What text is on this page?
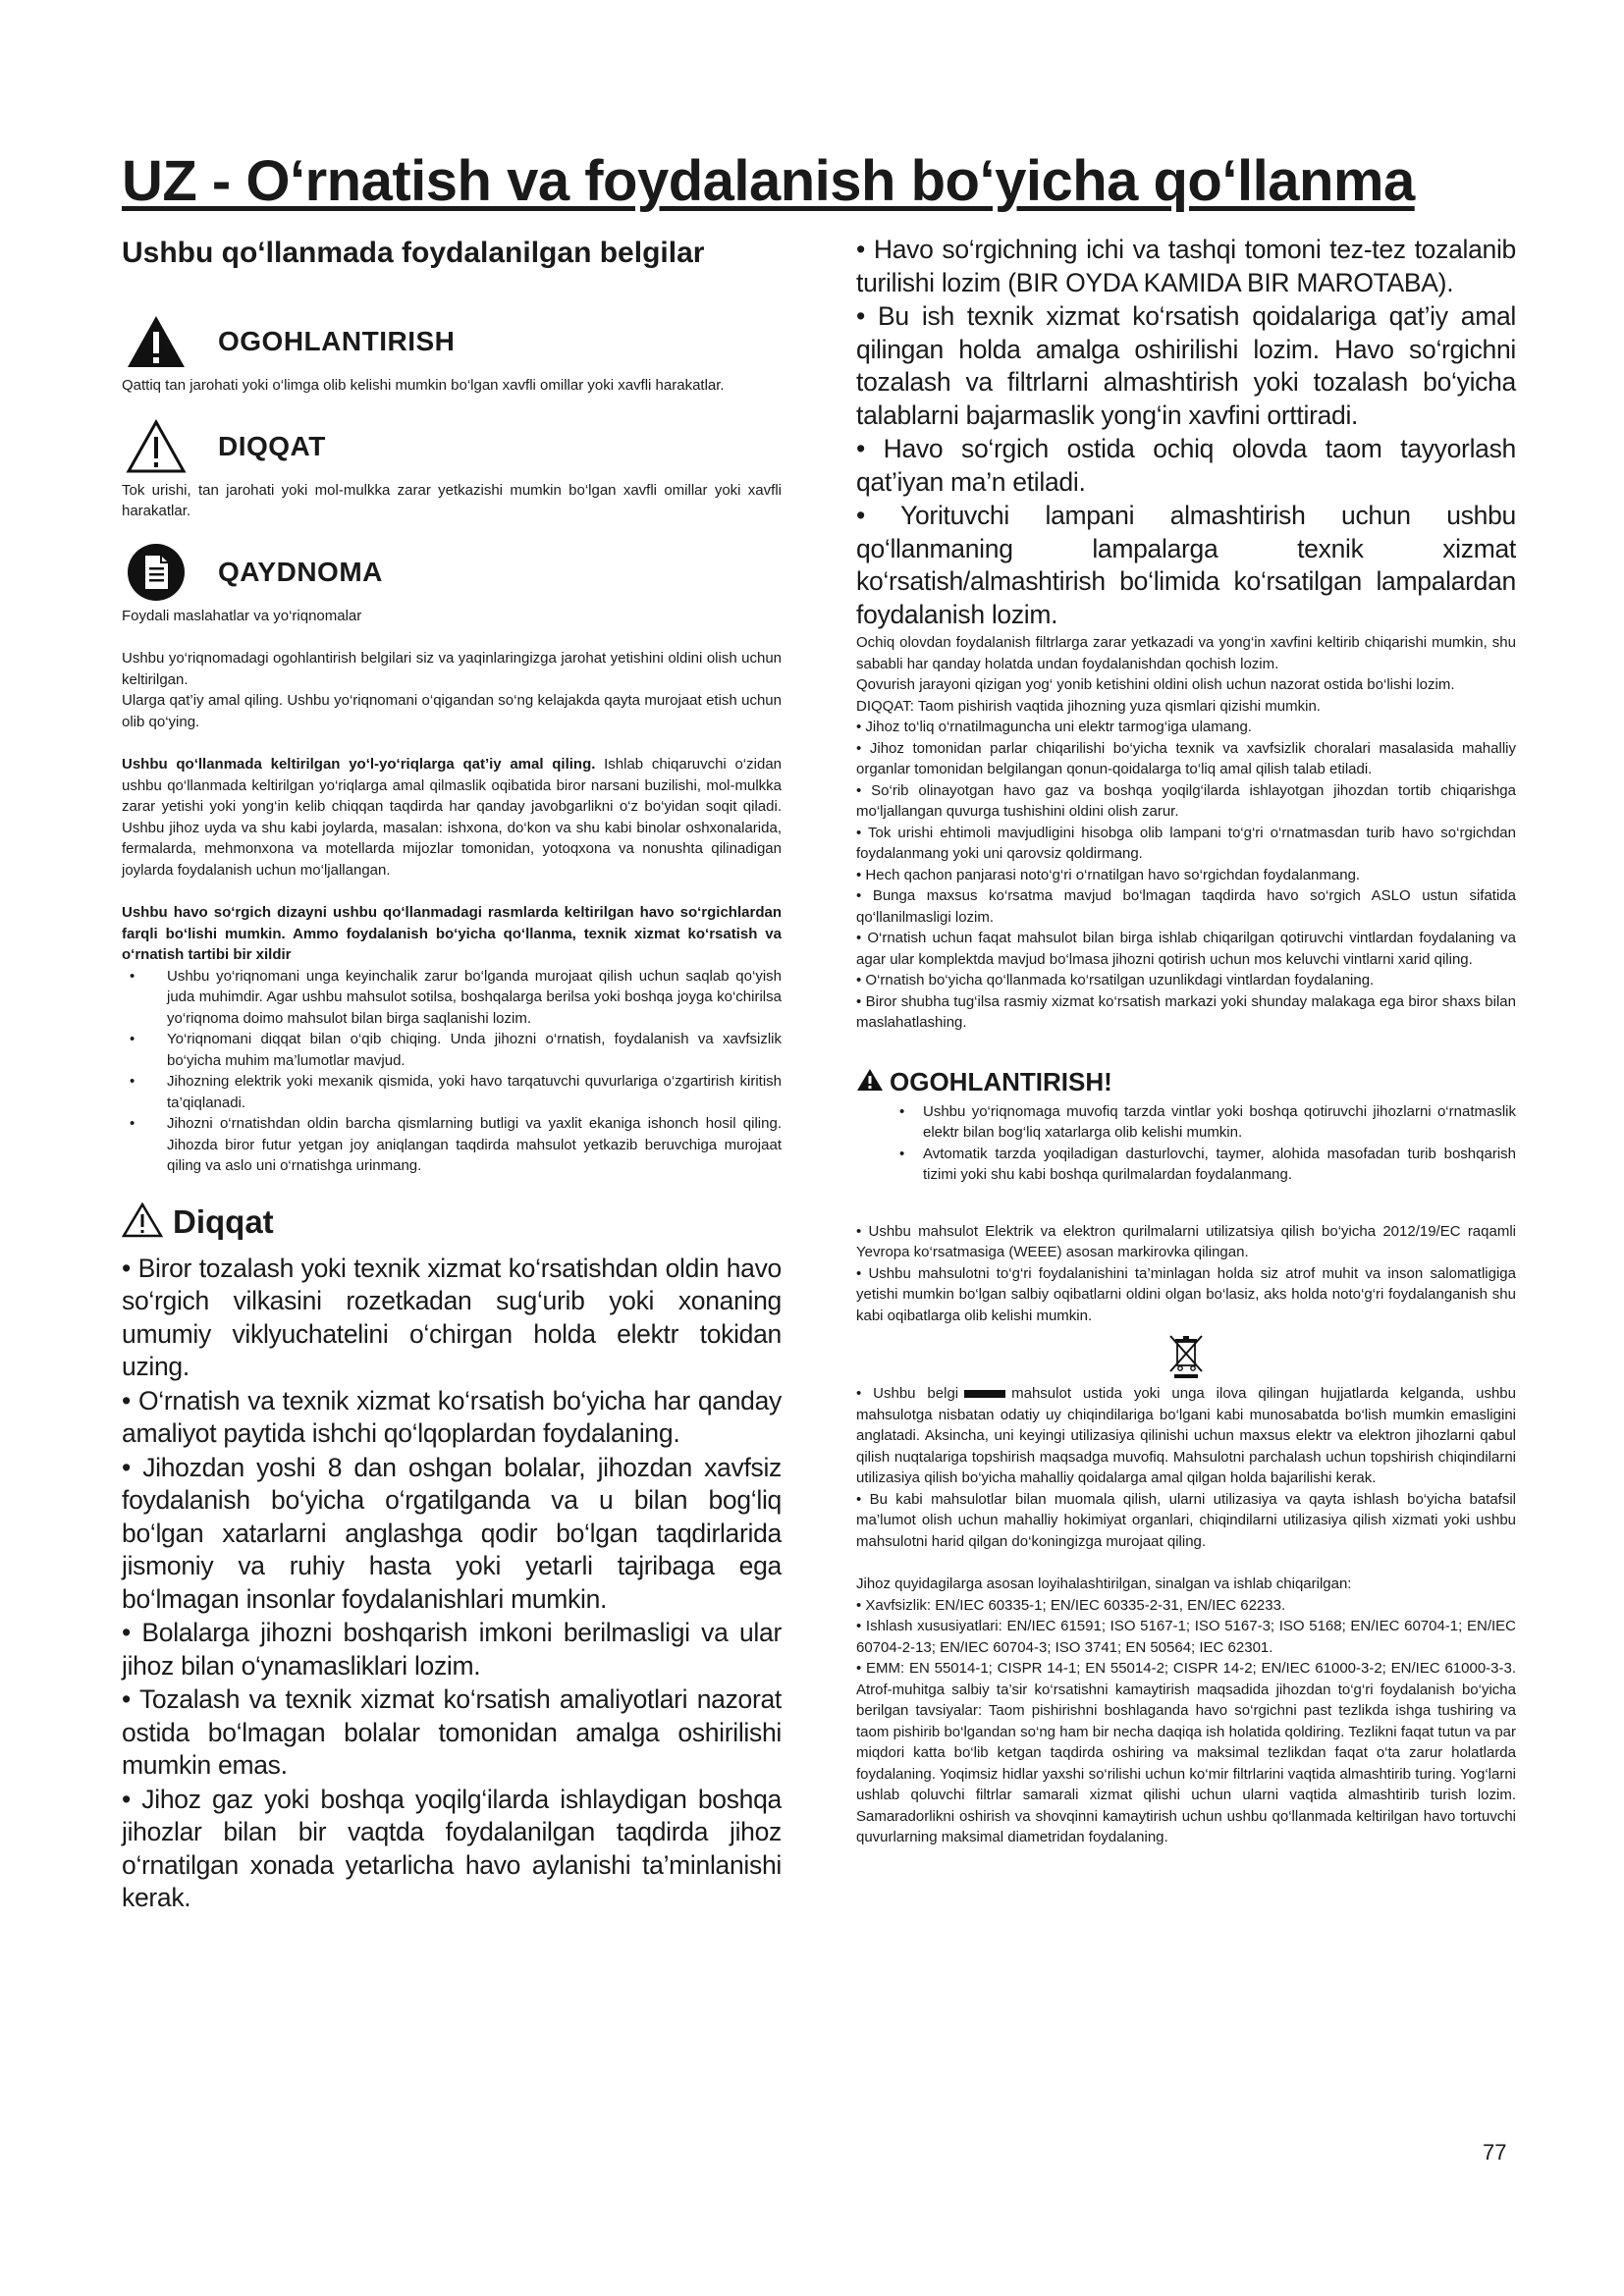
UZ - O‘rnatish va foydalanish bo‘yicha qo‘llanma
Ushbu qo‘llanmada foydalanilgan belgilar
OGOHLANTIRISH
Qattiq tan jarohati yoki o‘limga olib kelishi mumkin bo‘lgan xavfli omillar yoki xavfli harakatlar.
DIQQAT
Tok urishi, tan jarohati yoki mol-mulkka zarar yetkazishi mumkin bo‘lgan xavfli omillar yoki xavfli harakatlar.
QAYDNOMA
Foydali maslahatlar va yo‘riqnomalar
Ushbu yo‘riqnomadagi ogohlantirish belgilari siz va yaqinlaringizga jarohat yetishini oldini olish uchun keltirilgan.
Ularga qat’iy amal qiling. Ushbu yo‘riqnomani o‘qigandan so‘ng kelajakda qayta murojaat etish uchun olib qo‘ying.
Ushbu qo‘llanmada keltirilgan yo‘l-yo‘riqlarga qat’iy amal qiling. Ishlab chiqaruvchi o‘zidan ushbu qo‘llanmada keltirilgan yo‘riqlarga amal qilmaslik oqibatida biror narsani buzilishi, mol-mulkka zarar yetishi yoki yong‘in kelib chiqqan taqdirda har qanday javobgarlikni o‘z bo‘yidan soqit qiladi. Ushbu jihoz uyda va shu kabi joylarda, masalan: ishxona, do‘kon va shu kabi binolar oshxonalarida, fermalarda, mehmonxona va motellarda mijozlar tomonidan, yotoqxona va nonushta qilinadigan joylarda foydalanish uchun mo‘ljallangan.
Ushbu havo so‘rgich dizayni ushbu qo‘llanmadagi rasmlarda keltirilgan havo so‘rgichlardan farqli bo‘lishi mumkin. Ammo foydalanish bo‘yicha qo‘llanma, texnik xizmat ko‘rsatish va o‘rnatish tartibi bir xildir
• Ushbu yo‘riqnomani unga keyinchalik zarur bo‘lganda murojaat qilish uchun saqlab qo‘yish juda muhimdir. Agar ushbu mahsulot sotilsa, boshqalarga berilsa yoki boshqa joyga ko‘chirilsa yo‘riqnoma doimo mahsulot bilan birga saqlanishi lozim.
• Yo‘riqnomani diqqat bilan o‘qib chiqing. Unda jihozni o‘rnatish, foydalanish va xavfsizlik bo‘yicha muhim ma’lumotlar mavjud.
• Jihozning elektrik yoki mexanik qismida, yoki havo tarqatuvchi quvurlariga o‘zgartirish kiritish ta’qiqlanadi.
• Jihozni o‘rnatishdan oldin barcha qismlarning butligi va yaxlit ekaniga ishonch hosil qiling. Jihozda biror futur yetgan joy aniqlangan taqdirda mahsulot yetkazib beruvchiga murojaat qiling va aslo uni o‘rnatishga urinmang.
Diqqat

• Biror tozalash yoki texnik xizmat ko‘rsatishdan oldin havo so‘rgich vilkasini rozetkadan sug‘urib yoki xonaning umumiy viklyuchatelini o‘chirgan holda elektr tokidan uzing.

• O‘rnatish va texnik xizmat ko‘rsatish bo‘yicha har qanday amaliyot paytida ishchi qo‘lqoplardan foydalaning.

• Jihozdan yoshi 8 dan oshgan bolalar, jihozdan xavfsiz foydalanish bo‘yicha o‘rgatilganda va u bilan bog‘liq bo‘lgan xatarlarni anglashga qodir bo‘lgan taqdirlarida jismoniy va ruhiy hasta yoki yetarli tajribaga ega bo‘lmagan insonlar foydalanishlari mumkin.

• Bolalarga jihozni boshqarish imkoni berilmasligi va ular jihoz bilan o‘ynamasliklari lozim.

• Tozalash va texnik xizmat ko‘rsatish amaliyotlari nazorat ostida bo‘lmagan bolalar tomonidan amalga oshirilishi mumkin emas.

• Jihoz gaz yoki boshqa yoqilg‘ilarda ishlaydigan boshqa jihozlar bilan bir vaqtda foydalanilgan taqdirda jihoz o‘rnatilgan xonada yetarlicha havo aylanishi ta’minlanishi kerak.

• Havo so‘rgichning ichi va tashqi tomoni tez-tez tozalanib turilishi lozim (BIR OYDA KAMIDA BIR MAROTABA).

• Bu ish texnik xizmat ko‘rsatish qoidalariga qat’iy amal qilingan holda amalga oshirilishi lozim. Havo so‘rgichni tozalash va filtrlarni almashtirish yoki tozalash bo‘yicha talablarni bajarmaslik yong‘in xavfini orttiradi.

• Havo so‘rgich ostida ochiq olovda taom tayyorlash qat’iyan ma’n etiladi.

• Yorituvchi lampani almashtirish uchun ushbu qo‘llanmaning lampalarga texnik xizmat ko‘rsatish/almashtirish bo‘limida ko‘rsatilgan lampalardan foydalanish lozim.

Ochiq olovdan foydalanish filtrlarga zarar yetkazadi va yong‘in xavfini keltirib chiqarishi mumkin, shu sababli har qanday holatda undan foydalanishdan qochish lozim.
Qovurish jarayoni qizigan yog‘ yonib ketishini oldini olish uchun nazorat ostida bo‘lishi lozim.
DIQQAT: Taom pishirish vaqtida jihozning yuza qismlari qizishi mumkin.
• Jihoz to‘liq o‘rnatilmaguncha uni elektr tarmog‘iga ulamang.
• Jihoz tomonidan parlar chiqarilishi bo‘yicha texnik va xavfsizlik choralari masalasida mahalliy organlar tomonidan belgilangan qonun-qoidalarga to‘liq amal qilish talab etiladi.
• So‘rib olinayotgan havo gaz va boshqa yoqilg‘ilarda ishlayotgan jihozdan tortib chiqarishga mo‘ljallangan quvurga tushishini oldini olish zarur.
• Tok urishi ehtimoli mavjudligini hisobga olib lampani to‘g‘ri o‘rnatmasdan turib havo so‘rgichdan foydalanmang yoki uni qarovsiz qoldirmang.
• Hech qachon panjarasi noto‘g‘ri o‘rnatilgan havo so‘rgichdan foydalanmang.
• Bunga maxsus ko‘rsatma mavjud bo‘lmagan taqdirda havo so‘rgich ASLO ustun sifatida qo‘llanilmasligi lozim.
• O‘rnatish uchun faqat mahsulot bilan birga ishlab chiqarilgan qotiruvchi vintlardan foydalaning va agar ular komplektda mavjud bo‘lmasa jihozni qotirish uchun mos keluvchi vintlarni xarid qiling.
• O‘rnatish bo‘yicha qo‘llanmada ko‘rsatilgan uzunlikdagi vintlardan foydalaning.
• Biror shubha tug‘ilsa rasmiy xizmat ko‘rsatish markazi yoki shunday malakaga ega biror shaxs bilan maslahatlashing.
OGOHLANTIRISH!
• Ushbu yo‘riqnomaga muvofiq tarzda vintlar yoki boshqa qotiruvchi jihozlarni o‘rnatmaslik elektr bilan bog‘liq xatarlarga olib kelishi mumkin.
• Avtomatik tarzda yoqiladigan dasturlovchi, taymer, alohida masofadan turib boshqarish tizimi yoki shu kabi boshqa qurilmalardan foydalanmang.
• Ushbu mahsulot Elektrik va elektron qurilmalarni utilizatsiya qilish bo‘yicha 2012/19/EC raqamli Yevropa ko‘rsatmasiga (WEEE) asosan markirovka qilingan.
• Ushbu mahsulotni to‘g‘ri foydalanishini ta’minlagan holda siz atrof muhit va inson salomatligiga yetishi mumkin bo‘lgan salbiy oqibatlarni oldini olgan bo‘lasiz, aks holda noto‘g‘ri foydalanganish shu kabi oqibatlarga olib kelishi mumkin.
• Ushbu belgi	mahsulot ustida yoki unga ilova qilingan hujjatlarda kelganda, ushbu mahsulotga nisbatan odatiy uy chiqindilariga bo‘lgani kabi munosabatda bo‘lish mumkin emasligini anglatadi. Aksincha, uni keyingi utilizasiya qilinishi uchun maxsus elektr va elektron jihozlarni qabul qilish nuqtalariga topshirish maqsadga muvofiq. Mahsulotni parchalash uchun topshirish chiqindilarni utilizasiya qilish bo‘yicha mahalliy qoidalarga amal qilgan holda bajarilishi kerak.
• Bu kabi mahsulotlar bilan muomala qilish, ularni utilizasiya va qayta ishlash bo‘yicha batafsil ma’lumot olish uchun mahalliy hokimiyat organlari, chiqindilarni utilizasiya qilish xizmati yoki ushbu mahsulotni harid qilgan do‘koningizga murojaat qiling.
Jihoz quyidagilarga asosan loyihalashtirilgan, sinalgan va ishlab chiqarilgan:
• Xavfsizlik: EN/IEC 60335-1; EN/IEC 60335-2-31, EN/IEC 62233.
• Ishlash xususiyatlari: EN/IEC 61591; ISO 5167-1; ISO 5167-3; ISO 5168; EN/IEC 60704-1; EN/IEC 60704-2-13; EN/IEC 60704-3; ISO 3741; EN 50564; IEC 62301.
• EMM: EN 55014-1; CISPR 14-1; EN 55014-2; CISPR 14-2; EN/IEC 61000-3-2; EN/IEC 61000-3-3. Atrof-muhitga salbiy ta’sir ko‘rsatishni kamaytirish maqsadida jihozdan to‘g‘ri foydalanish bo‘yicha berilgan tavsiyalar: Taom pishirishni boshlaganda havo so‘rgichni past tezlikda ishga tushiring va taom pishirib bo‘lgandan so‘ng ham bir necha daqiqa ish holatida qoldiring. Tezlikni faqat tutun va par miqdori katta bo‘lib ketgan taqdirda oshiring va maksimal tezlikdan faqat o‘ta zarur holatlarda foydalaning. Yoqimsiz hidlar yaxshi so‘rilishi uchun ko‘mir filtrlarini vaqtida almashtirib turing. Yog‘larni ushlab qoluvchi filtrlar samarali xizmat qilishi uchun ularni vaqtida almashtirib turish lozim. Samaradorlikni oshirish va shovqinni kamaytirish uchun ushbu qo‘llanmada keltirilgan havo tortuvchi quvurlarning maksimal diametridan foydalaning.
77
